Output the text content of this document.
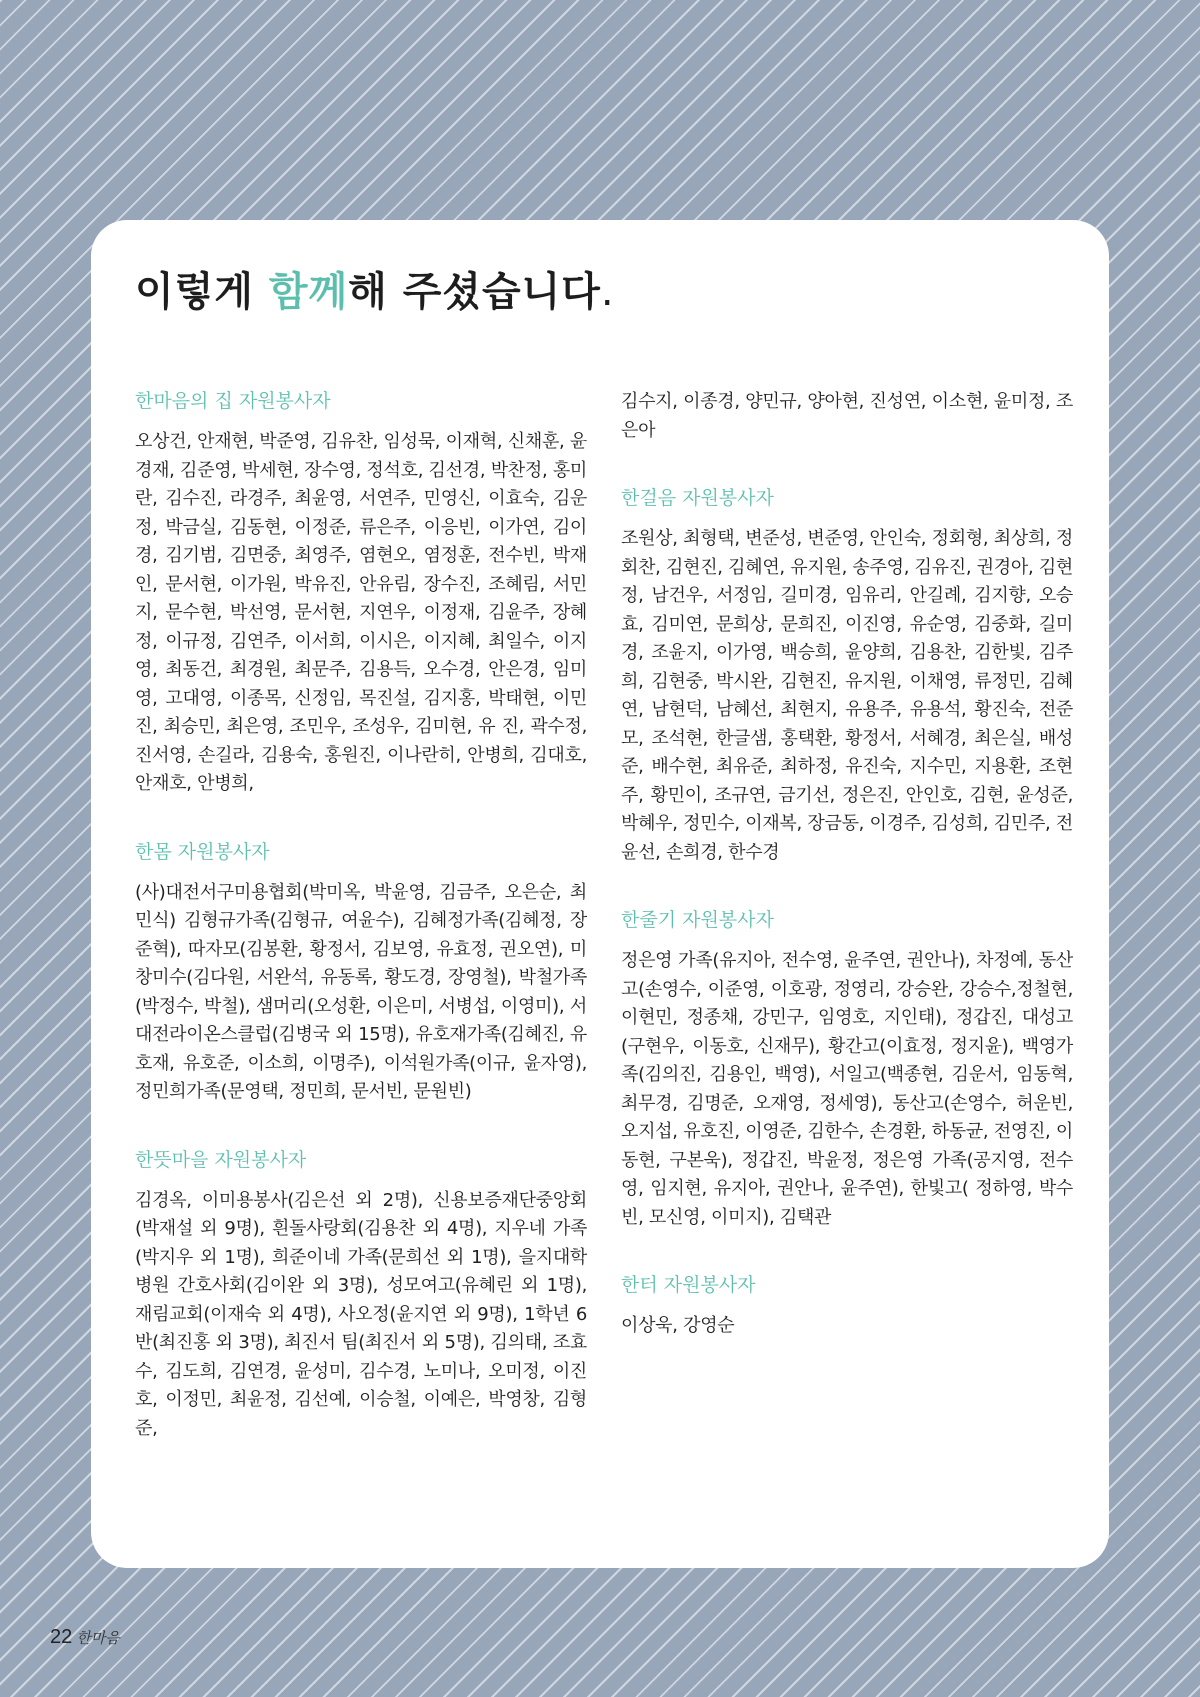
이렇게 함께해 주셨습니다.
한마음의 집 자원봉사자

오상건, 안재현, 박준영, 김유찬, 임성묵, 이재혁, 신채훈, 윤경재, 김준영, 박세현, 장수영, 정석호, 김선경, 박찬정, 홍미란, 김수진, 라경주, 최윤영, 서연주, 민영신, 이효숙, 김운정, 박금실, 김동현, 이정준, 류은주, 이응빈, 이가연, 김이경, 김기범, 김면중, 최영주, 염현오, 염정훈, 전수빈, 박재인, 문서현, 이가원, 박유진, 안유림, 장수진, 조혜림, 서민지, 문수현, 박선영, 문서현, 지연우, 이정재, 김윤주, 장혜정, 이규정, 김연주, 이서희, 이시은, 이지혜, 최일수, 이지영, 최동건, 최경원, 최문주, 김용득, 오수경, 안은경, 임미영, 고대영, 이종목, 신정임, 목진설, 김지홍, 박태현, 이민진, 최승민, 최은영, 조민우, 조성우, 김미현, 유 진, 곽수정, 진서영, 손길라, 김용숙, 홍원진, 이나란히, 안병희, 김대호, 안재호, 안병희,

한몸 자원봉사자

(사)대전서구미용협회(박미옥, 박윤영, 김금주, 오은순, 최민식) 김형규가족(김형규, 여윤수), 김혜정가족(김혜정, 장준혁), 따자모(김봉환, 황정서, 김보영, 유효정, 권오연), 미창미수(김다원, 서완석, 유동록, 황도경, 장영철), 박철가족(박정수, 박철), 샘머리(오성환, 이은미, 서병섭, 이영미), 서대전라이온스클럽(김병국 외 15명), 유호재가족(김혜진, 유호재, 유호준, 이소희, 이명주), 이석원가족(이규, 윤자영), 정민희가족(문영택, 정민희, 문서빈, 문원빈)

한뜻마을 자원봉사자

김경옥, 이미용봉사(김은선 외 2명), 신용보증재단중앙회(박재설 외 9명), 흰돌사랑회(김용찬 외 4명), 지우네 가족(박지우 외 1명), 희준이네 가족(문희선 외 1명), 을지대학병원 간호사회(김이완 외 3명), 성모여고(유혜린 외 1명), 재림교회(이재숙 외 4명), 사오정(윤지연 외 9명), 1학년 6반(최진홍 외 3명), 최진서 팀(최진서 외 5명), 김의태, 조효수, 김도희, 김연경, 윤성미, 김수경, 노미나, 오미정, 이진호, 이정민, 최윤정, 김선예, 이승철, 이예은, 박영창, 김형준,

김수지, 이종경, 양민규, 양아현, 진성연, 이소현, 윤미정, 조은아

한걸음 자원봉사자

조원상, 최형택, 변준성, 변준영, 안인숙, 정회형, 최상희, 정회찬, 김현진, 김혜연, 유지원, 송주영, 김유진, 권경아, 김현정, 남건우, 서정임, 길미경, 임유리, 안길례, 김지향, 오승효, 김미연, 문희상, 문희진, 이진영, 유순영, 김중화, 길미경, 조윤지, 이가영, 백승희, 윤양희, 김용찬, 김한빛, 김주희, 김현중, 박시완, 김현진, 유지원, 이채영, 류정민, 김혜연, 남현덕, 남혜선, 최현지, 유용주, 유용석, 황진숙, 전준모, 조석현, 한글샘, 홍택환, 황정서, 서혜경, 최은실, 배성준, 배수현, 최유준, 최하정, 유진숙, 지수민, 지용환, 조현주, 황민이, 조규연, 금기선, 정은진, 안인호, 김현, 윤성준, 박혜우, 정민수, 이재복, 장금동, 이경주, 김성희, 김민주, 전윤선, 손희경, 한수경

한줄기 자원봉사자

정은영 가족(유지아, 전수영, 윤주연, 권안나), 차정예, 동산고(손영수, 이준영, 이호광, 정영리, 강승완, 강승수,정철현,이현민, 정종채, 강민구, 임영호, 지인태), 정갑진, 대성고(구현우, 이동호, 신재무), 황간고(이효정, 정지윤), 백영가족(김의진, 김용인, 백영), 서일고(백종현, 김운서, 임동혁, 최무경, 김명준, 오재영, 정세영), 동산고(손영수, 허운빈, 오지섭, 유호진, 이영준, 김한수, 손경환, 하동균, 전영진, 이동현, 구본욱), 정갑진, 박윤정, 정은영 가족(공지영, 전수영, 임지현, 유지아, 권안나, 윤주연), 한빛고( 정하영, 박수빈, 모신영, 이미지), 김택관

한터 자원봉사자

이상욱, 강영순

22 한마음
